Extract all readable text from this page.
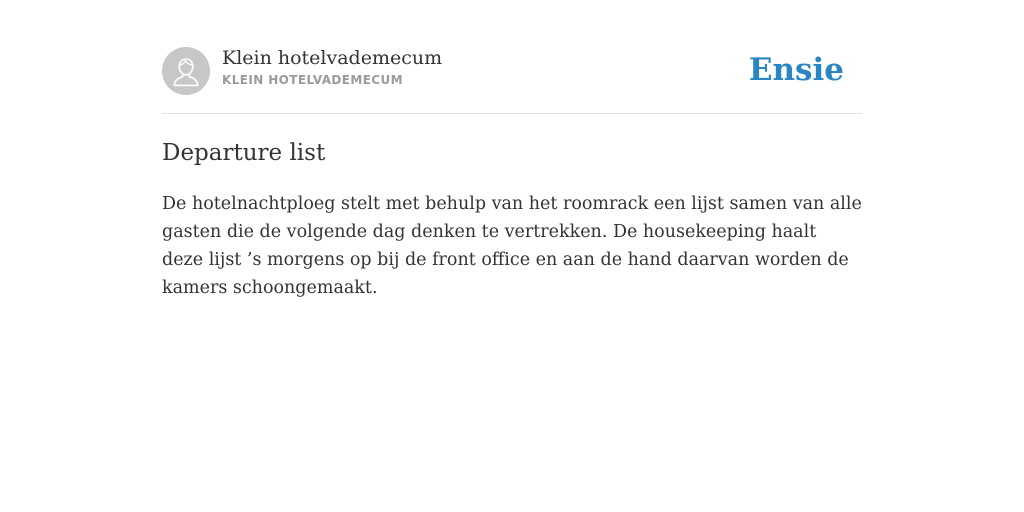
Klein hotelvademecum
KLEIN HOTELVADEMECUM	Ensie
Departure list

De hotelnachtploeg stelt met behulp van het roomrack een lijst samen van alle gasten die de volgende dag denken te vertrekken. De housekeeping haalt deze lijst ’s morgens op bij de front office en aan de hand daarvan worden de kamers schoongemaakt.
